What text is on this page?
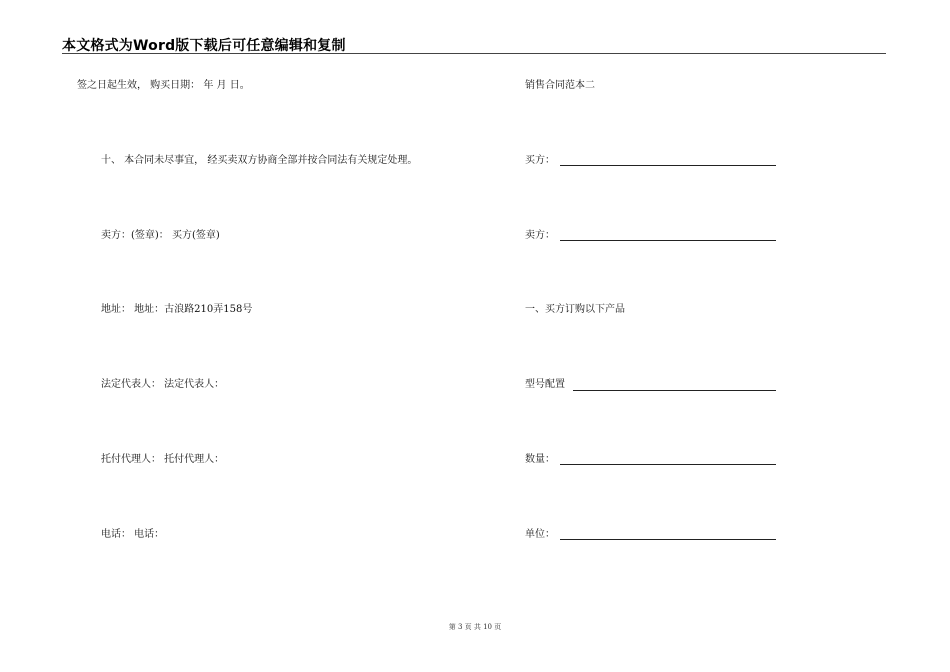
本文格式为Word版下载后可任意编辑和复制
签之日起生效， 购买日期： 年 月 日。
十、 本合同未尽事宜， 经买卖双方协商全部并按合同法有关规定处理。
卖方：(签章)： 买方(签章)
地址： 地址：古浪路210弄158号
法定代表人： 法定代表人：
托付代理人： 托付代理人：
电话： 电话：
销售合同范本二
买方：
卖方：
一、买方订购以下产品
型号配置
数量：
单位：
第 3 页 共 10 页
